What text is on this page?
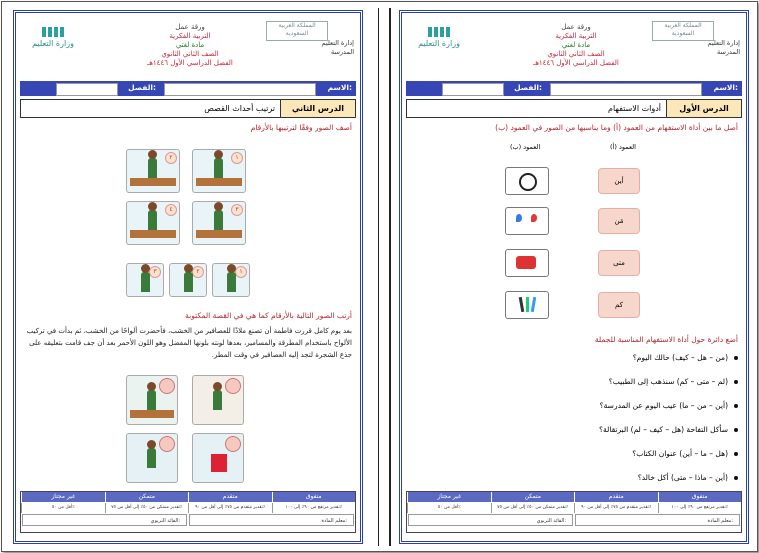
وزارة التعليم
ورقة عمل
التربية الفكرية
مادة لغتي
الصف الثاني الثانوي
الفصل الدراسي الأول ١٤٤٦هـ
المملكة العربية السعودية
إدارة التعليم
المدرسة
الاسم:
الفصل:
الدرس الثاني
ترتيب أحداث القصص
أصف الصور وفقًا لترتيبها بالأرقام
٢	١
٤	٣
٣	٢	١
أرتب الصور التالية بالأرقام كما هي في القصة المكتوبة
بعد يوم كامل قررت فاطمة أن تصنع ملاذًا للعصافير من الخشب، فأحضرت ألواحًا من الخشب، ثم بدأت في تركيب الألواح باستخدام المطرقة والمسامير، بعدها لونته بلونها المفضل وهو اللون الأحمر بعد أن جف قامت بتعليقه على جذع الشجرة لتجد إليه العصافير في وقت المطر.
غير مجتاز	متمكن	متقدم	متفوق
أقل من ٥٠٪	تقدير متمكن من ٥٠٪ إلى أقل من ٧٥٪	تقدير متقدم من ٧٥٪ إلى أقل من ٩٠٪	تقدير مرتفع من ٩٠٪ إلى ١٠٠٪
القائد التربوي:	معلم المادة:
وزارة التعليم
ورقة عمل
التربية الفكرية
مادة لغتي
الصف الثاني الثانوي
الفصل الدراسي الأول ١٤٤٦هـ
المملكة العربية السعودية
إدارة التعليم
المدرسة
الاسم:
الفصل:
الدرس الأول
أدوات الاستفهام
أصل ما بين أداة الاستفهام من العمود (أ) وما يناسبها من الصور في العمود (ب)
العمود (أ)
العمود (ب)
أين
مَن
متى
كم
أضع دائرة حول أداة الاستفهام المناسبة للجملة
(من – هل – كيف) حالك اليوم؟
(لم – متى – كم) سنذهب إلى الطبيب؟
(أين – من – ما) عيب اليوم عن المدرسة؟
سأكل التفاحة (هل – كيف – لم) البرتقالة؟
(هل – ما – أين) عنوان الكتاب؟
(أين – ماذا – متى) أكل خالد؟
غير مجتاز	متمكن	متقدم	متفوق
أقل من ٥٠٪	تقدير متمكن من ٥٠٪ إلى أقل من ٧٥٪	تقدير متقدم من ٧٥٪ إلى أقل من ٩٠٪	تقدير مرتفع من ٩٠٪ إلى ١٠٠٪
القائد التربوي:	معلم المادة:
